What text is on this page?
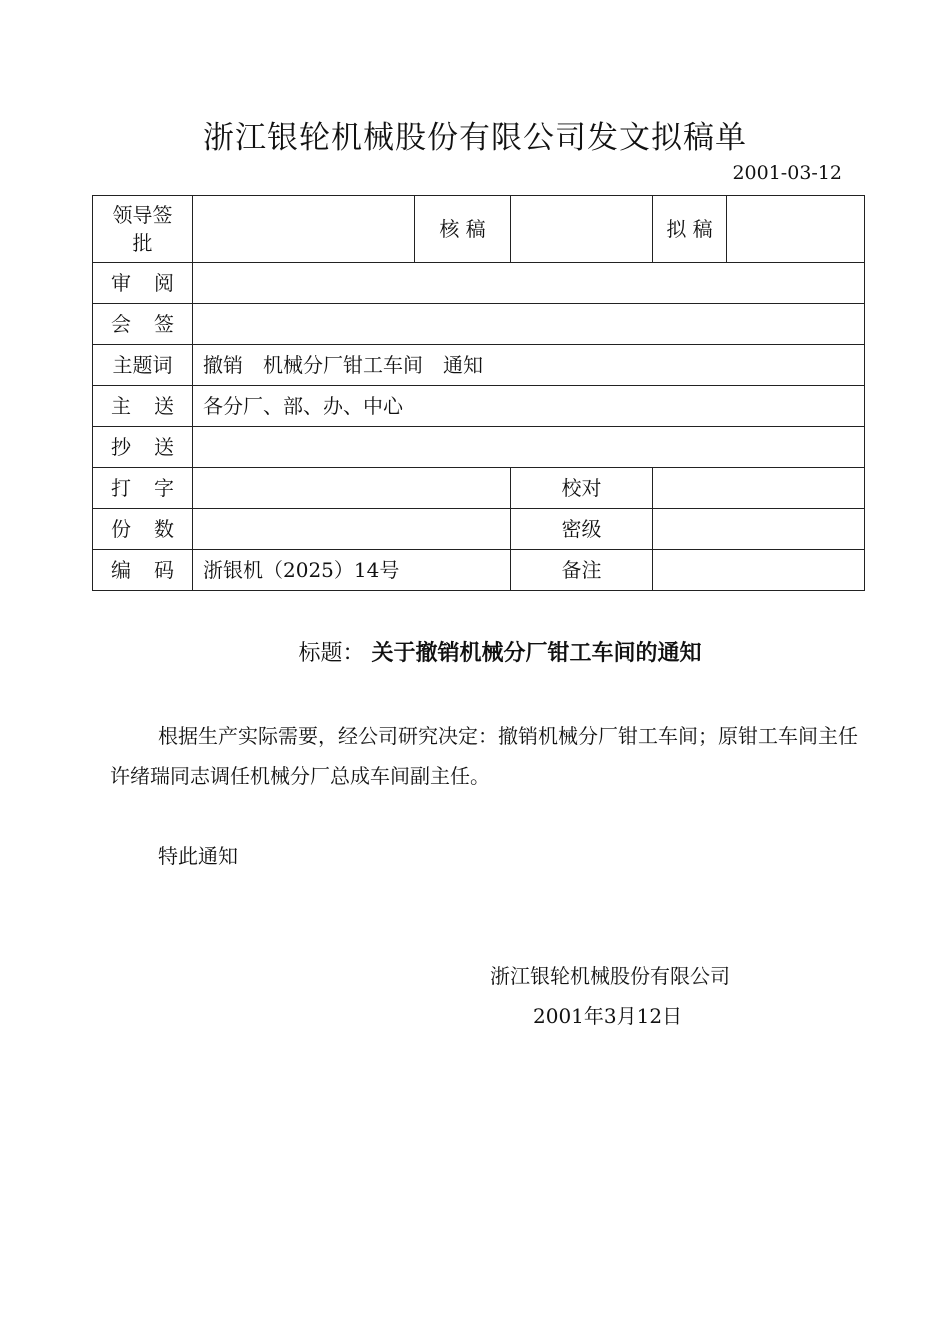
浙江银轮机械股份有限公司发文拟稿单
2001-03-12
领导签批		核 稿		拟 稿	
审阅					
会签					
主题词	撤销　机械分厂钳工车间　通知				
主送	各分厂、部、办、中心				
抄送					
打字			校对		
份数			密级		
编码	浙银机（2025）14号		备注		
标题： 关于撤销机械分厂钳工车间的通知
根据生产实际需要，经公司研究决定：撤销机械分厂钳工车间；原钳工车间主任许绪瑞同志调任机械分厂总成车间副主任。
特此通知
浙江银轮机械股份有限公司
2001年3月12日
